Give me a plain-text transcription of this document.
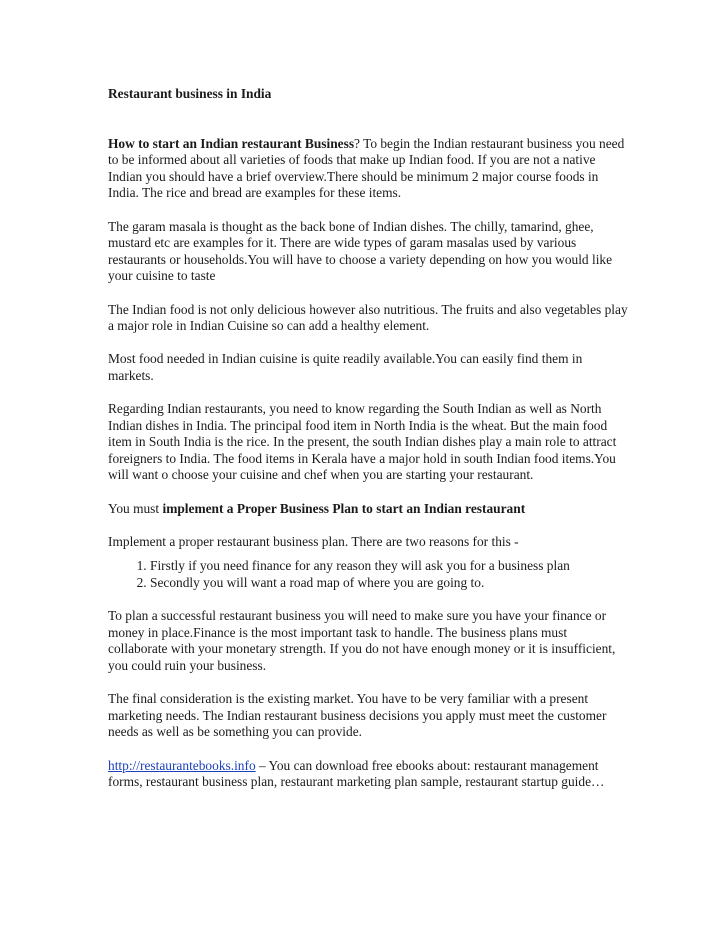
Restaurant business in India

How to start an Indian restaurant Business? To begin the Indian restaurant business you need to be informed about all varieties of foods that make up Indian food. If you are not a native Indian you should have a brief overview.There should be minimum 2 major course foods in India. The rice and bread are examples for these items.

The garam masala is thought as the back bone of Indian dishes. The chilly, tamarind, ghee, mustard etc are examples for it. There are wide types of garam masalas used by various restaurants or households.You will have to choose a variety depending on how you would like your cuisine to taste

The Indian food is not only delicious however also nutritious. The fruits and also vegetables play a major role in Indian Cuisine so can add a healthy element.

Most food needed in Indian cuisine is quite readily available.You can easily find them in markets.

Regarding Indian restaurants, you need to know regarding the South Indian as well as North Indian dishes in India. The principal food item in North India is the wheat. But the main food item in South India is the rice. In the present, the south Indian dishes play a main role to attract foreigners to India. The food items in Kerala have a major hold in south Indian food items.You will want o choose your cuisine and chef when you are starting your restaurant.

You must implement a Proper Business Plan to start an Indian restaurant

Implement a proper restaurant business plan. There are two reasons for this -

1. Firstly if you need finance for any reason they will ask you for a business plan
2. Secondly you will want a road map of where you are going to.

To plan a successful restaurant business you will need to make sure you have your finance or money in place.Finance is the most important task to handle. The business plans must collaborate with your monetary strength. If you do not have enough money or it is insufficient, you could ruin your business.

The final consideration is the existing market. You have to be very familiar with a present marketing needs. The Indian restaurant business decisions you apply must meet the customer needs as well as be something you can provide.

http://restaurantebooks.info – You can download free ebooks about: restaurant management forms, restaurant business plan, restaurant marketing plan sample, restaurant startup guide…
